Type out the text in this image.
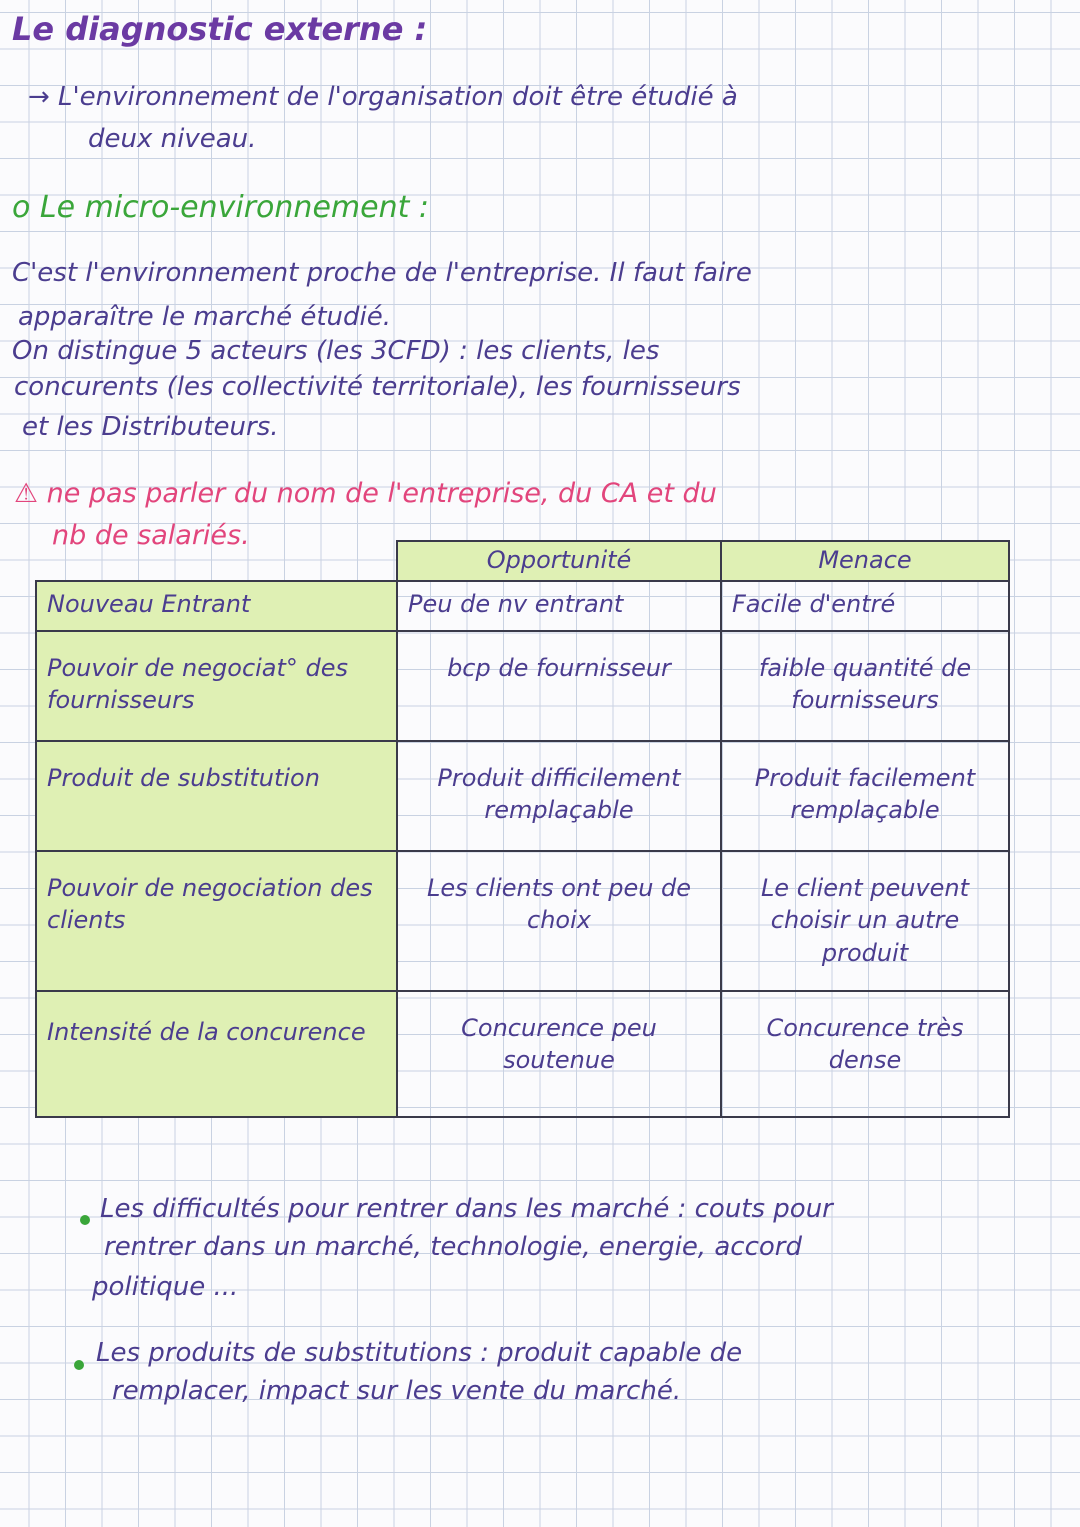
Le diagnostic externe :
→ L'environnement de l'organisation doit être étudié à
deux niveau.
o Le micro-environnement :
C'est l'environnement proche de l'entreprise. Il faut faire
apparaître le marché étudié.
On distingue 5 acteurs (les 3CFD) : les clients, les
concurents (les collectivité territoriale), les fournisseurs
et les Distributeurs.
⚠ ne pas parler du nom de l'entreprise, du CA et du
nb de salariés.
	Opportunité	Menace
Nouveau Entrant	Peu de nv entrant	Facile d'entré
Pouvoir de negociat° des fournisseurs	bcp de fournisseur	faible quantité de fournisseurs
Produit de substitution	Produit difficilement remplaçable	Produit facilement remplaçable
Pouvoir de negociation des clients	Les clients ont peu de choix	Le client peuvent choisir un autre produit
Intensité de la concurence	Concurence peu soutenue	Concurence très dense
Les difficultés pour rentrer dans les marché : couts pour
rentrer dans un marché, technologie, energie, accord
politique ...
Les produits de substitutions : produit capable de
remplacer, impact sur les vente du marché.
